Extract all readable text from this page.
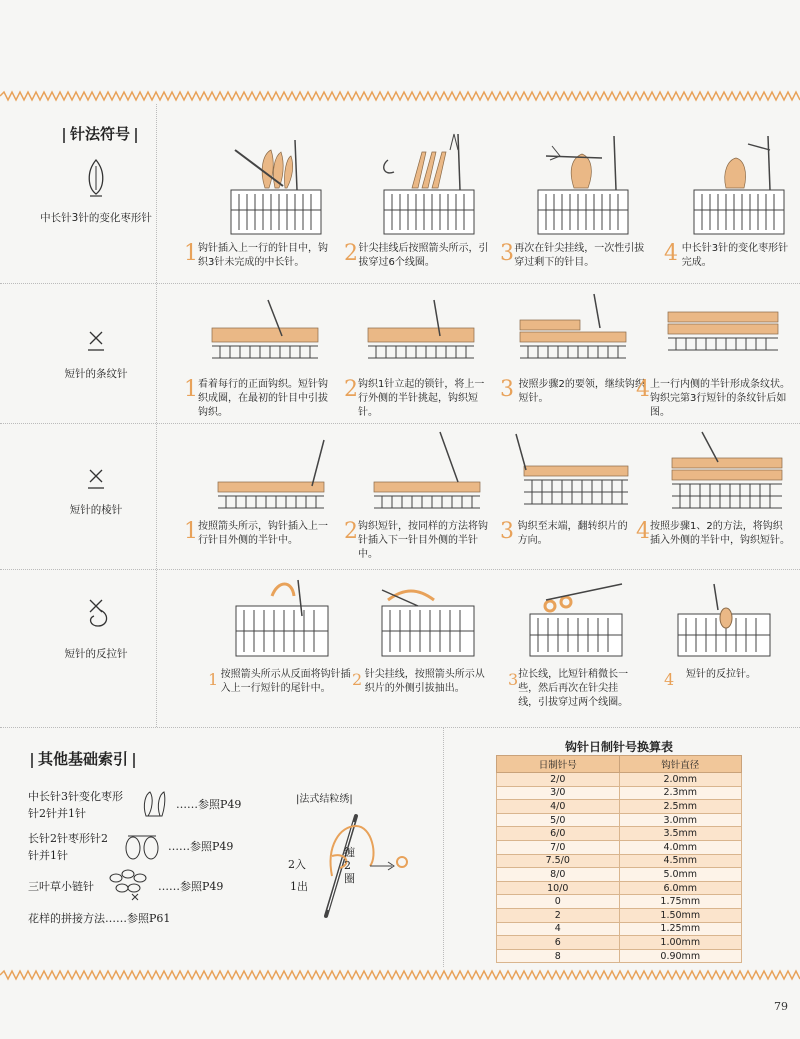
针法符号
中长针3针的变化枣形针
1 钩针插入上一行的针目中，钩织3针未完成的中长针。	2 针尖挂线后按照箭头所示，引拔穿过6个线圈。	3 再次在针尖挂线，一次性引拔穿过剩下的针目。	4 中长针3针的变化枣形针完成。
短针的条纹针
1 看着每行的正面钩织。短针钩织成圈，在最初的针目中引拔钩织。
2 钩织1针立起的锁针，将上一行外侧的半针挑起，钩织短针。
3 按照步骤2的要领，继续钩织短针。	4 上一行内侧的半针形成条纹状。钩织完第3行短针的条纹针后如图。
短针的棱针
1 按照箭头所示，钩针插入上一行针目外侧的半针中。	2 钩织短针，按同样的方法将钩针插入下一针目外侧的半针中。
3 钩织至末端，翻转织片的方向。	4 按照步骤1、2的方法，将钩织插入外侧的半针中，钩织短针。
短针的反拉针
1 按照箭头所示从反面将钩针插入上一行短针的尾针中。	2 针尖挂线，按照箭头所示从织片的外侧引拔抽出。	3 拉长线，比短针稍微长一些，然后再次在针尖挂线，引拔穿过两个线圈。
4	短针的反拉针。
其他基础索引
中长针3针变化枣形
针2针并1针
……参照P49
长针2针枣形针2
针并1针
……参照P49
三叶草小链针	……参照P49
花样的拼接方法……参照P61
|法式结粒绣|
2入
1出
缠2圈
钩针日制针号换算表
日制针号	钩针直径
2/0	2.0mm
3/0	2.3mm
4/0	2.5mm
5/0	3.0mm
6/0	3.5mm
7/0	4.0mm
7.5/0	4.5mm
8/0	5.0mm
10/0	6.0mm
0	1.75mm
2	1.50mm
4	1.25mm
6	1.00mm
8	0.90mm
79
